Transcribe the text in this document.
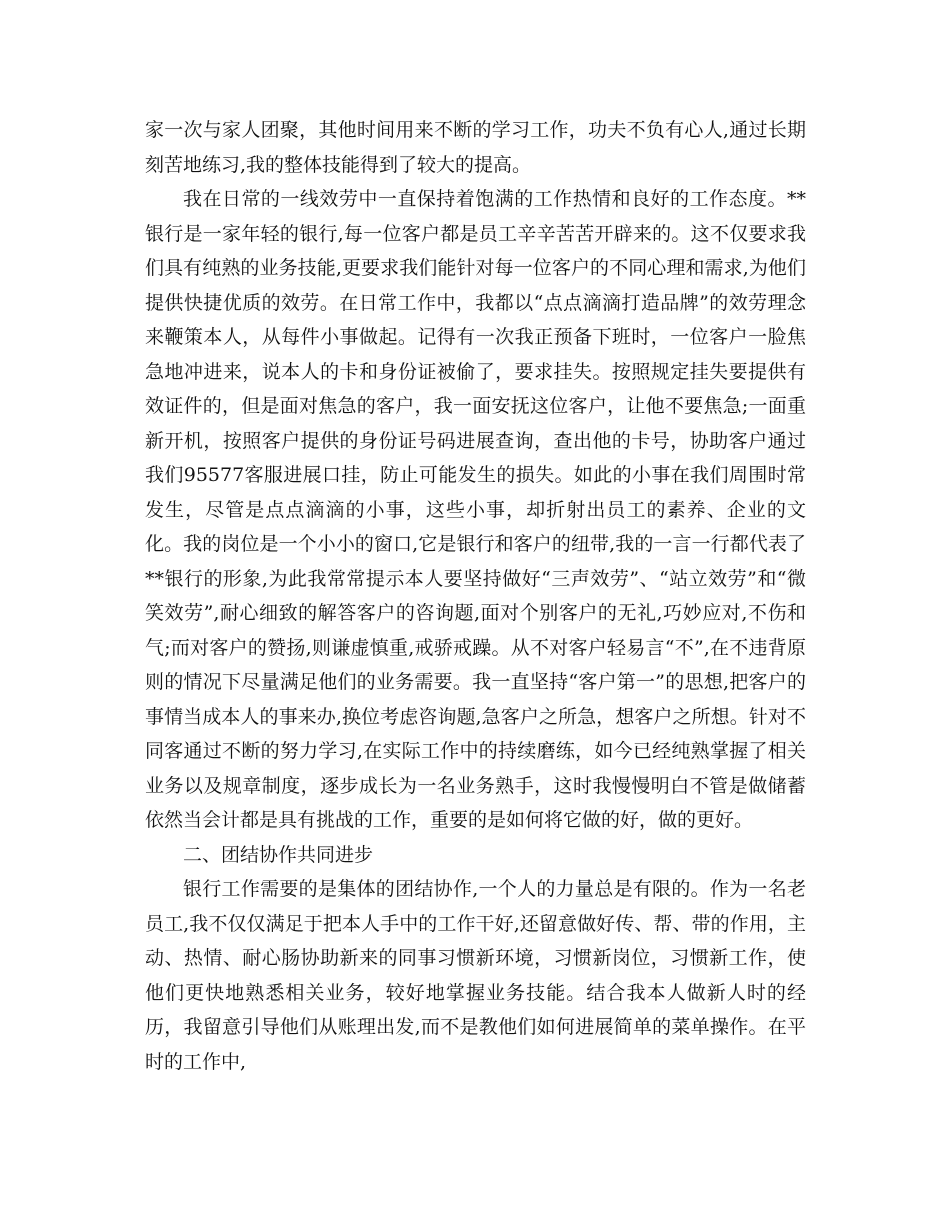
家一次与家人团聚，其他时间用来不断的学习工作，功夫不负有心人,通过长期刻苦地练习,我的整体技能得到了较大的提高。

我在日常的一线效劳中一直保持着饱满的工作热情和良好的工作态度。**银行是一家年轻的银行,每一位客户都是员工辛辛苦苦开辟来的。这不仅要求我们具有纯熟的业务技能,更要求我们能针对每一位客户的不同心理和需求,为他们提供快捷优质的效劳。在日常工作中，我都以“点点滴滴打造品牌”的效劳理念来鞭策本人，从每件小事做起。记得有一次我正预备下班时，一位客户一脸焦急地冲进来，说本人的卡和身份证被偷了，要求挂失。按照规定挂失要提供有效证件的，但是面对焦急的客户，我一面安抚这位客户，让他不要焦急;一面重新开机，按照客户提供的身份证号码进展查询，查出他的卡号，协助客户通过我们95577客服进展口挂，防止可能发生的损失。如此的小事在我们周围时常发生，尽管是点点滴滴的小事，这些小事，却折射出员工的素养、企业的文化。我的岗位是一个小小的窗口,它是银行和客户的纽带,我的一言一行都代表了**银行的形象,为此我常常提示本人要坚持做好“三声效劳”、“站立效劳”和“微笑效劳”,耐心细致的解答客户的咨询题,面对个别客户的无礼,巧妙应对,不伤和气;而对客户的赞扬,则谦虚慎重,戒骄戒躁。从不对客户轻易言“不”,在不违背原则的情况下尽量满足他们的业务需要。我一直坚持“客户第一”的思想,把客户的事情当成本人的事来办,换位考虑咨询题,急客户之所急，想客户之所想。针对不同客通过不断的努力学习,在实际工作中的持续磨练，如今已经纯熟掌握了相关业务以及规章制度，逐步成长为一名业务熟手，这时我慢慢明白不管是做储蓄依然当会计都是具有挑战的工作，重要的是如何将它做的好，做的更好。

二、团结协作共同进步

银行工作需要的是集体的团结协作,一个人的力量总是有限的。作为一名老员工,我不仅仅满足于把本人手中的工作干好,还留意做好传、帮、带的作用，主动、热情、耐心肠协助新来的同事习惯新环境，习惯新岗位，习惯新工作，使他们更快地熟悉相关业务，较好地掌握业务技能。结合我本人做新人时的经历，我留意引导他们从账理出发,而不是教他们如何进展简单的菜单操作。在平时的工作中,
